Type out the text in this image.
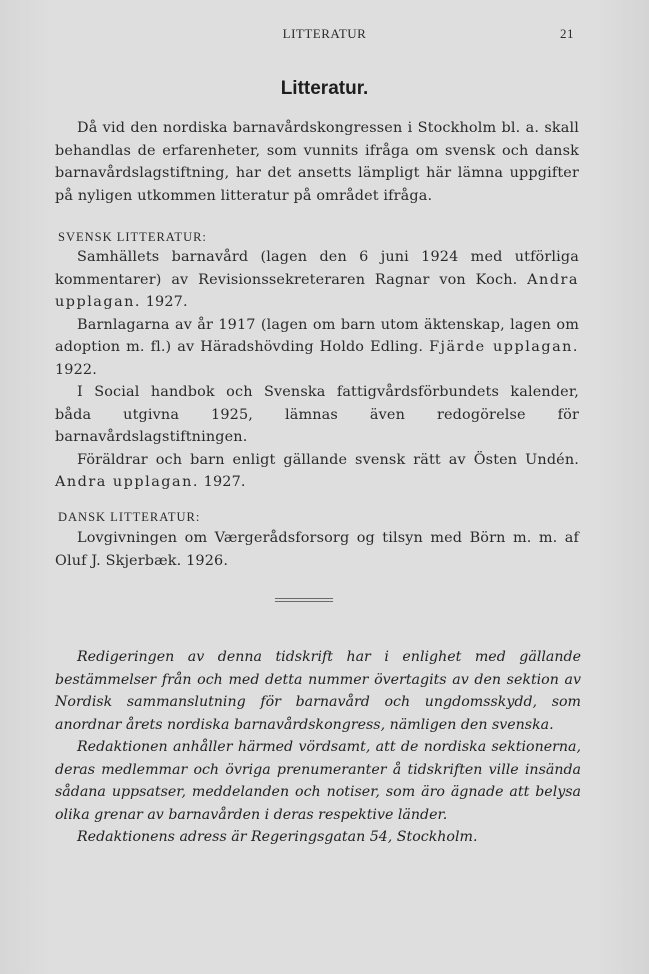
LITTERATUR	21
Litteratur.

Då vid den nordiska barnavårdskongressen i Stockholm bl. a. skall behandlas de erfarenheter, som vunnits ifråga om svensk och dansk barnavårdslagstiftning, har det ansetts lämpligt här lämna uppgifter på nyligen utkommen litteratur på området ifråga.

SVENSK LITTERATUR:

Samhällets barnavård (lagen den 6 juni 1924 med utförliga kommentarer) av Revisionssekreteraren Ragnar von Koch. Andra upplagan. 1927.

Barnlagarna av år 1917 (lagen om barn utom äktenskap, lagen om adoption m. fl.) av Häradshövding Holdo Edling. Fjärde upplagan. 1922.

I Social handbok och Svenska fattigvårdsförbundets kalender, båda utgivna 1925, lämnas även redogörelse för barnavårdslagstiftningen.

Föräldrar och barn enligt gällande svensk rätt av Östen Undén. Andra upplagan. 1927.

DANSK LITTERATUR:

Lovgivningen om Værgerådsforsorg og tilsyn med Börn m. m. af Oluf J. Skjerbæk. 1926.

Redigeringen av denna tidskrift har i enlighet med gällande bestämmelser från och med detta nummer övertagits av den sektion av Nordisk sammanslutning för barnavård och ungdomsskydd, som anordnar årets nordiska barnavårdskongress, nämligen den svenska.

Redaktionen anhåller härmed vördsamt, att de nordiska sektionerna, deras medlemmar och övriga prenumeranter å tidskriften ville insända sådana uppsatser, meddelanden och notiser, som äro ägnade att belysa olika grenar av barnavården i deras respektive länder.

Redaktionens adress är Regeringsgatan 54, Stockholm.
